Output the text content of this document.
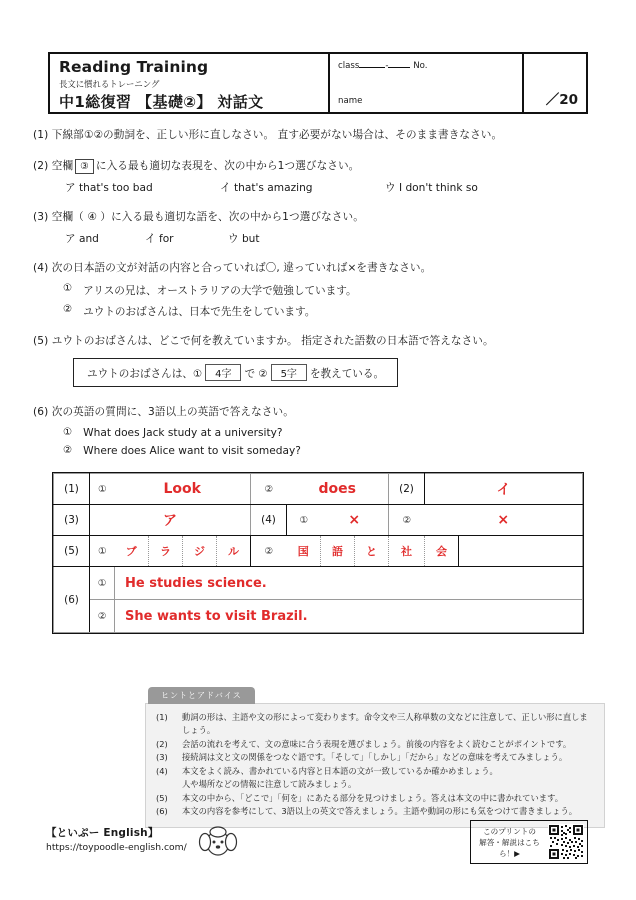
Reading Training
長文に慣れるトレーニング
中1総復習 【基礎②】 対話文
class	-	No.
name	／20
(1) 下線部①②の動詞を、正しい形に直しなさい。 直す必要がない場合は、そのまま書きなさい。
(2)
空欄 ③ に入る最も適切な表現を、次の中から1つ選びなさい。
ア that's too bad	イ that's amazing	ウ I don't think so
(3) 空欄（ ④ ）に入る最も適切な語を、次の中から1つ選びなさい。
ア and	イ for	ウ but
(4) 次の日本語の文が対話の内容と合っていれば〇, 違っていれば×を書きなさい。
① アリスの兄は、オーストラリアの大学で勉強しています。
② ユウトのおばさんは、日本で先生をしています。
(5) ユウトのおばさんは、どこで何を教えていますか。 指定された語数の日本語で答えなさい。
ユウトのおばさんは、① 4字 で ② 5字 を教えている。
(6) 次の英語の質問に、3語以上の英語で答えなさい。
① What does Jack study at a university?
② Where does Alice want to visit someday?
(1)	①	Look				②	does			(2)	イ	
(3)	ア					(4)	①	×		②	×	
(5)	①	ブ	ラ	ジ	ル	②	国	語	と	社	会	
(6)	①	He studies science.										
	②	She wants to visit Brazil.										
ヒントとアドバイス
(1)	動詞の形は、主語や文の形によって変わります。命令文や三人称単数の文などに注意して、正しい形に直しましょう。
(2)	会話の流れを考えて、文の意味に合う表現を選びましょう。前後の内容をよく読むことがポイントです。
(3)	接続詞は文と文の関係をつなぐ語です。「そして」「しかし」「だから」などの意味を考えてみましょう。
(4)	本文をよく読み、書かれている内容と日本語の文が一致しているか確かめましょう。
人や場所などの情報に注意して読みましょう。
(5)	本文の中から、「どこで」「何を」にあたる部分を見つけましょう。答えは本文の中に書かれています。
(6)	本文の内容を参考にして、3語以上の英文で答えましょう。主語や動詞の形にも気をつけて書きましょう。
【といぷー English】
https://toypoodle-english.com/
このプリントの
解答・解説はこちら！▶
